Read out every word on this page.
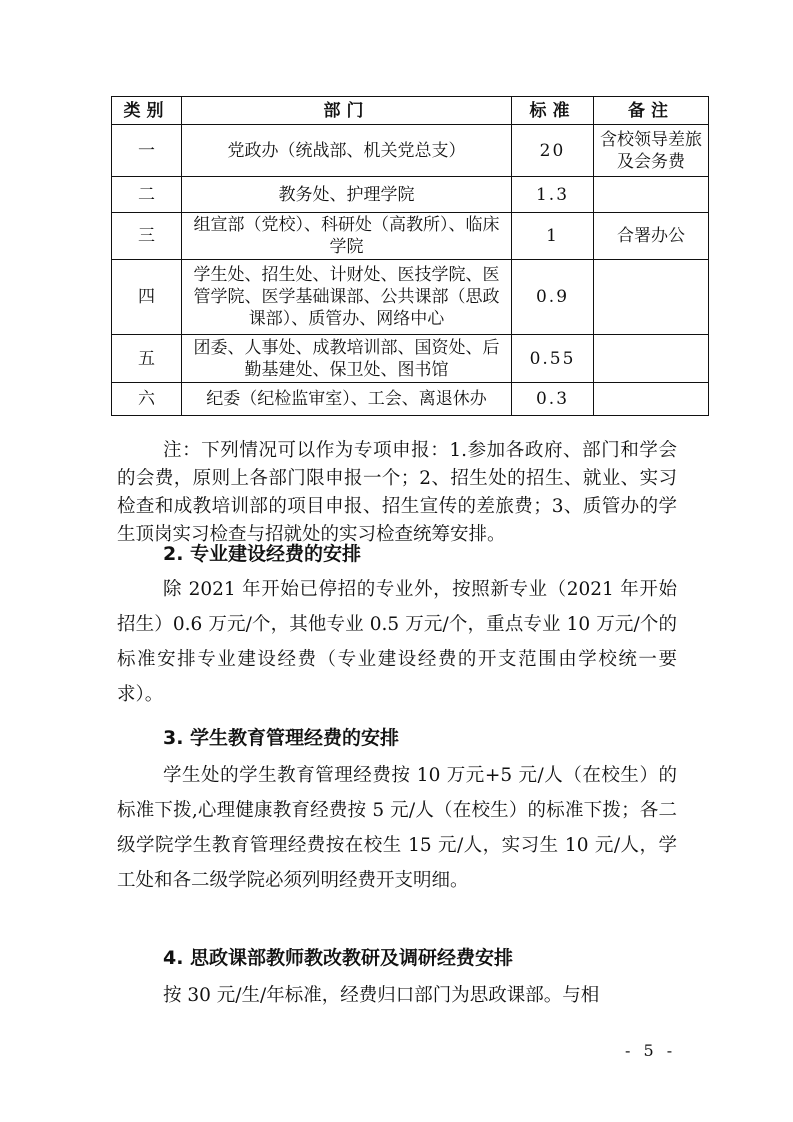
类别	部门	标准	备注
一	党政办（统战部、机关党总支）	20	含校领导差旅及会务费
二	教务处、护理学院	1.3	
三	组宣部（党校）、科研处（高教所）、临床学院	1	合署办公
四	学生处、招生处、计财处、医技学院、医管学院、医学基础课部、公共课部（思政课部）、质管办、网络中心	0.9	
五	团委、人事处、成教培训部、国资处、后勤基建处、保卫处、图书馆	0.55	
六	纪委（纪检监审室）、工会、离退休办	0.3	
注：下列情况可以作为专项申报：1.参加各政府、部门和学会的会费，原则上各部门限申报一个；2、招生处的招生、就业、实习检查和成教培训部的项目申报、招生宣传的差旅费；3、质管办的学生顶岗实习检查与招就处的实习检查统筹安排。
2. 专业建设经费的安排
除 2021 年开始已停招的专业外，按照新专业（2021 年开始招生）0.6 万元/个，其他专业 0.5 万元/个，重点专业 10 万元/个的标准安排专业建设经费（专业建设经费的开支范围由学校统一要求）。
3. 学生教育管理经费的安排
学生处的学生教育管理经费按 10 万元+5 元/人（在校生）的标准下拨,心理健康教育经费按 5 元/人（在校生）的标准下拨；各二级学院学生教育管理经费按在校生 15 元/人，实习生 10 元/人，学工处和各二级学院必须列明经费开支明细。
4. 思政课部教师教改教研及调研经费安排
按 30 元/生/年标准，经费归口部门为思政课部。与相
- 5 -
